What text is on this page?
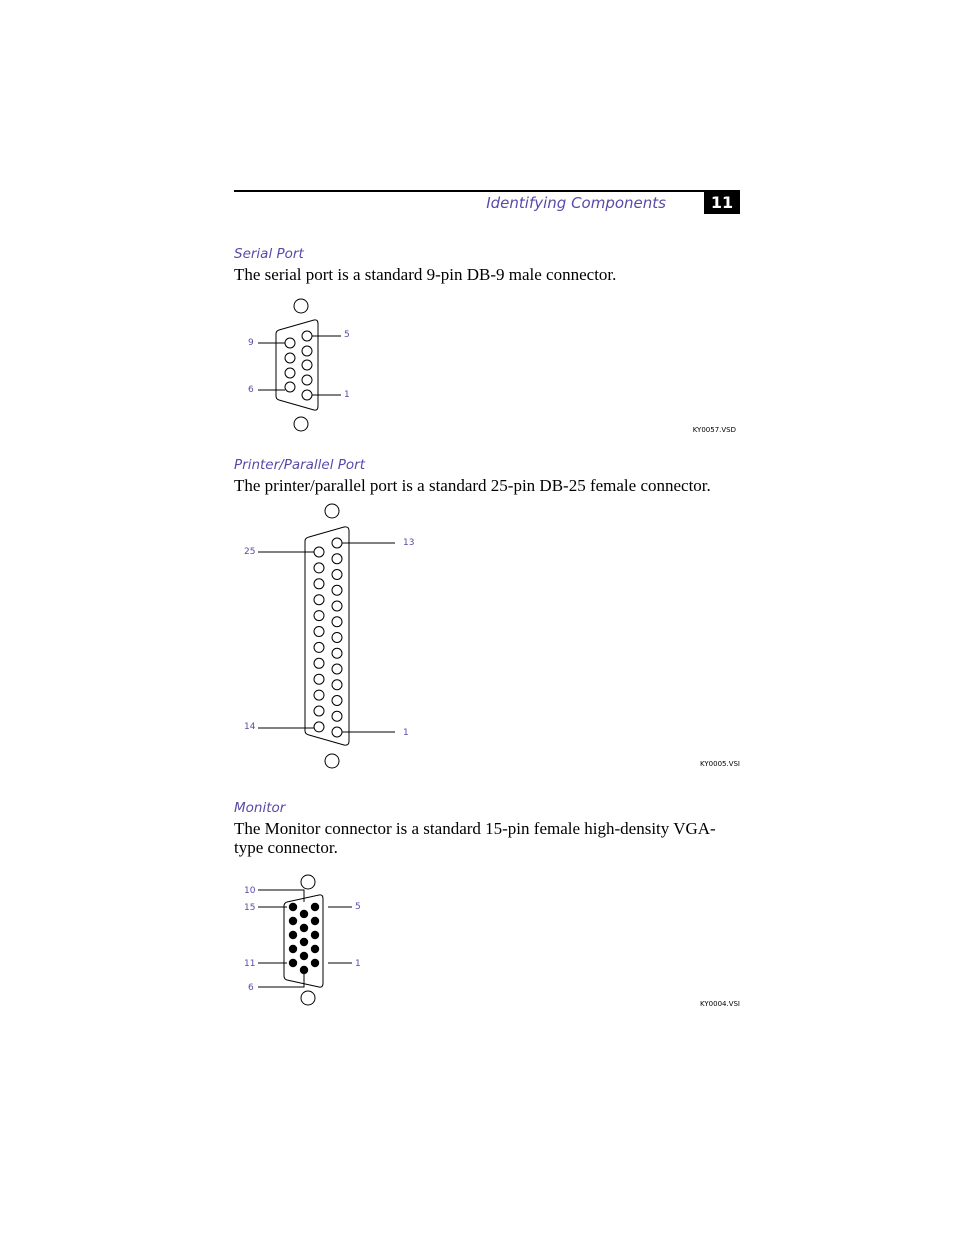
Identifying Components	11
Serial Port
The serial port is a standard 9-pin DB-9 male connector.
9
6
5
1
KY0057.VSD
Printer/Parallel Port
The printer/parallel port is a standard 25-pin DB-25 female connector.
25
14
13
1
KY0005.VSI
Monitor
The Monitor connector is a standard 15-pin female high-density VGA-type connector.
10
15
11
6
5
1
KY0004.VSI
